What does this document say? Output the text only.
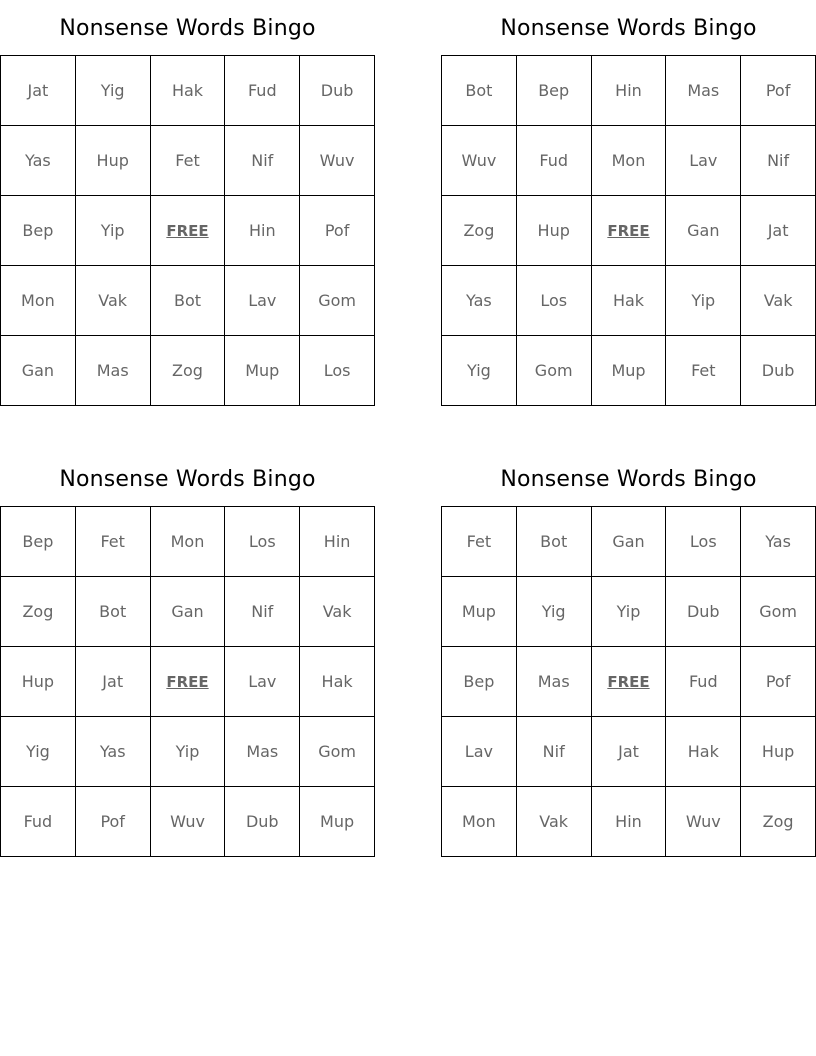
Nonsense Words Bingo
Jat	Yig	Hak	Fud	Dub
Yas	Hup	Fet	Nif	Wuv
Bep	Yip	FREE	Hin	Pof
Mon	Vak	Bot	Lav	Gom
Gan	Mas	Zog	Mup	Los
Nonsense Words Bingo
Bot	Bep	Hin	Mas	Pof
Wuv	Fud	Mon	Lav	Nif
Zog	Hup	FREE	Gan	Jat
Yas	Los	Hak	Yip	Vak
Yig	Gom	Mup	Fet	Dub
Nonsense Words Bingo
Bep	Fet	Mon	Los	Hin
Zog	Bot	Gan	Nif	Vak
Hup	Jat	FREE	Lav	Hak
Yig	Yas	Yip	Mas	Gom
Fud	Pof	Wuv	Dub	Mup
Nonsense Words Bingo
Fet	Bot	Gan	Los	Yas
Mup	Yig	Yip	Dub	Gom
Bep	Mas	FREE	Fud	Pof
Lav	Nif	Jat	Hak	Hup
Mon	Vak	Hin	Wuv	Zog
